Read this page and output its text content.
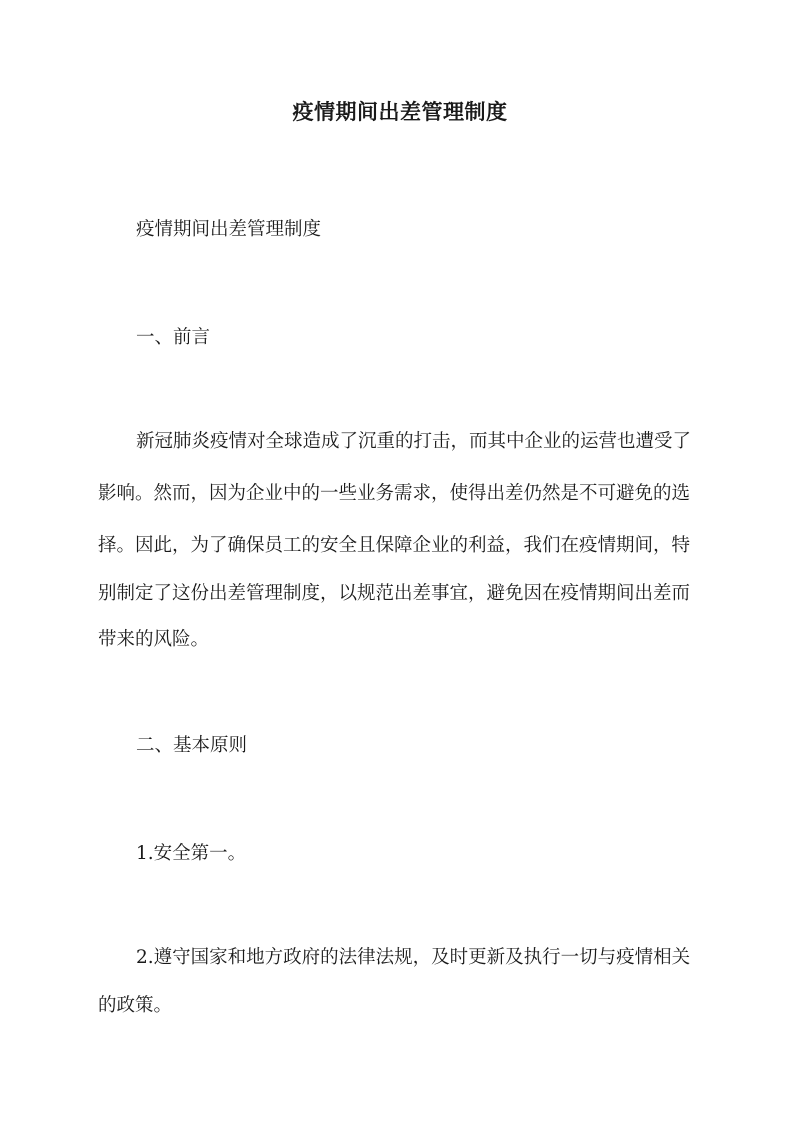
疫情期间出差管理制度
疫情期间出差管理制度
一、前言
新冠肺炎疫情对全球造成了沉重的打击，而其中企业的运营也遭受了
影响。然而，因为企业中的一些业务需求，使得出差仍然是不可避免的选
择。因此，为了确保员工的安全且保障企业的利益，我们在疫情期间，特
别制定了这份出差管理制度，以规范出差事宜，避免因在疫情期间出差而
带来的风险。
二、基本原则
1.安全第一。
2.遵守国家和地方政府的法律法规，及时更新及执行一切与疫情相关
的政策。
